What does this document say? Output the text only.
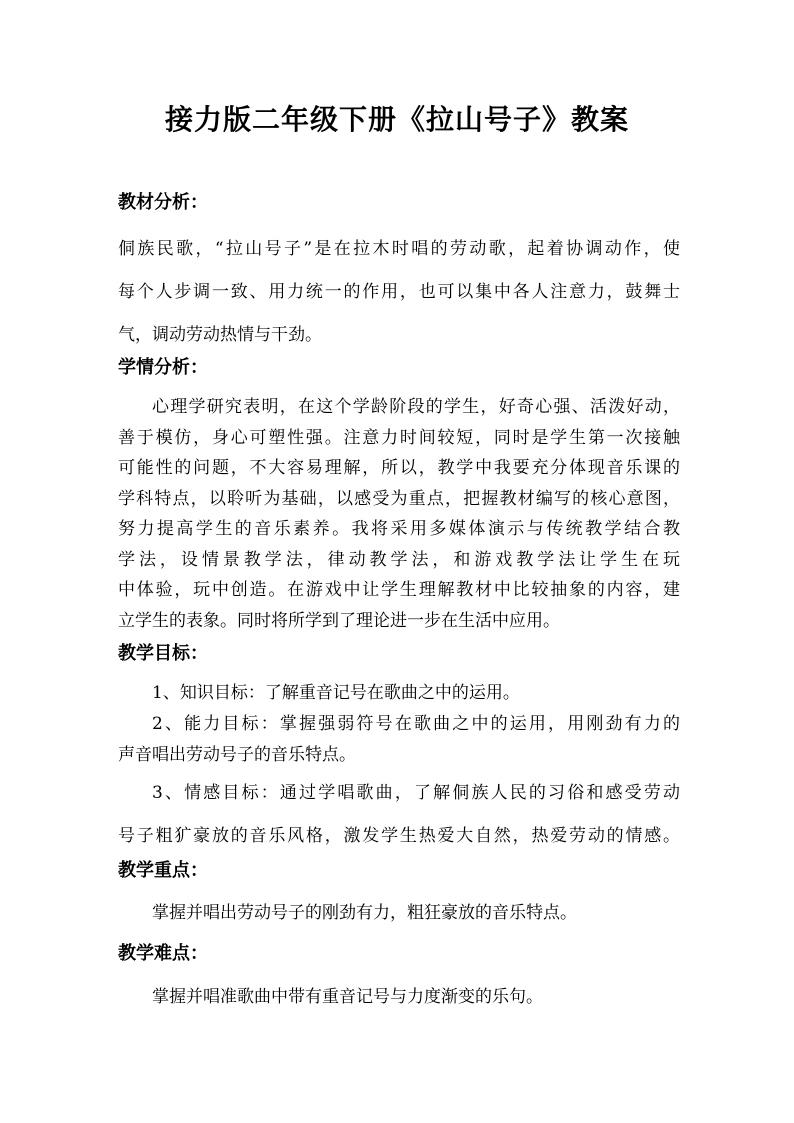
接力版二年级下册《拉山号子》教案
教材分析：
侗族民歌，“拉山号子”是在拉木时唱的劳动歌，起着协调动作，使
每个人步调一致、用力统一的作用，也可以集中各人注意力，鼓舞士
气，调动劳动热情与干劲。
学情分析：
心理学研究表明，在这个学龄阶段的学生，好奇心强、活泼好动，
善于模仿，身心可塑性强。注意力时间较短，同时是学生第一次接触
可能性的问题，不大容易理解，所以，教学中我要充分体现音乐课的
学科特点，以聆听为基础，以感受为重点，把握教材编写的核心意图，
努力提高学生的音乐素养。我将采用多媒体演示与传统教学结合教
学法，设情景教学法，律动教学法，和游戏教学法让学生在玩
中体验，玩中创造。在游戏中让学生理解教材中比较抽象的内容，建
立学生的表象。同时将所学到了理论进一步在生活中应用。
教学目标：
1、知识目标：了解重音记号在歌曲之中的运用。
2、能力目标：掌握强弱符号在歌曲之中的运用，用刚劲有力的
声音唱出劳动号子的音乐特点。
3、情感目标：通过学唱歌曲，了解侗族人民的习俗和感受劳动
号子粗犷豪放的音乐风格，激发学生热爱大自然，热爱劳动的情感。
教学重点：
掌握并唱出劳动号子的刚劲有力，粗狂豪放的音乐特点。
教学难点：
掌握并唱准歌曲中带有重音记号与力度渐变的乐句。
